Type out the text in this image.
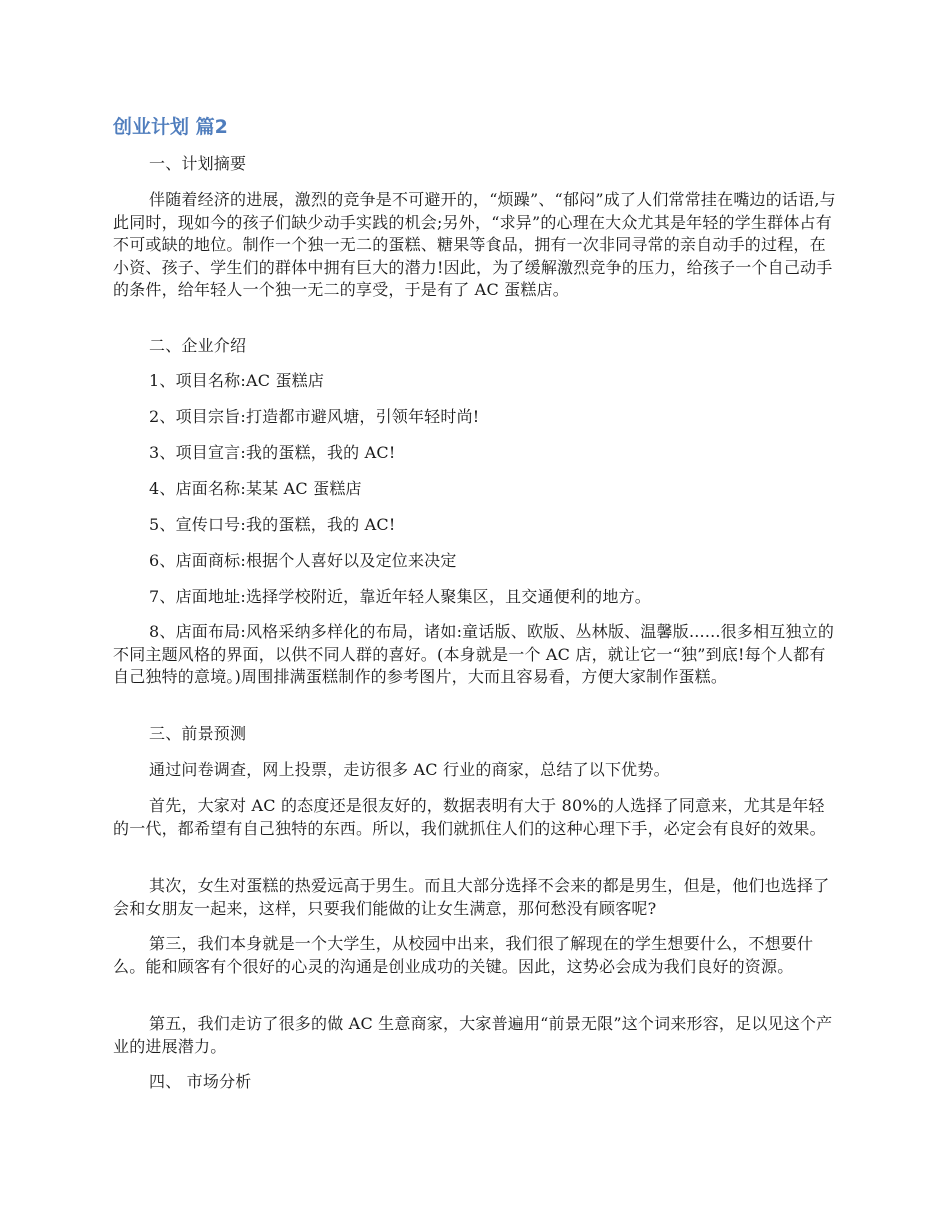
创业计划 篇2

一、计划摘要

伴随着经济的进展，激烈的竞争是不可避开的，“烦躁”、“郁闷”成了人们常常挂在嘴边的话语,与此同时，现如今的孩子们缺少动手实践的机会;另外，“求异”的心理在大众尤其是年轻的学生群体占有不可或缺的地位。制作一个独一无二的蛋糕、糖果等食品，拥有一次非同寻常的亲自动手的过程，在小资、孩子、学生们的群体中拥有巨大的潜力!因此，为了缓解激烈竞争的压力，给孩子一个自己动手的条件，给年轻人一个独一无二的享受，于是有了 AC 蛋糕店。

二、企业介绍

1、项目名称:AC 蛋糕店

2、项目宗旨:打造都市避风塘，引领年轻时尚!

3、项目宣言:我的蛋糕，我的 AC!

4、店面名称:某某 AC 蛋糕店

5、宣传口号:我的蛋糕，我的 AC!

6、店面商标:根据个人喜好以及定位来决定

7、店面地址:选择学校附近，靠近年轻人聚集区，且交通便利的地方。

8、店面布局:风格采纳多样化的布局，诸如:童话版、欧版、丛林版、温馨版......很多相互独立的不同主题风格的界面，以供不同人群的喜好。(本身就是一个 AC 店，就让它一“独”到底!每个人都有自己独特的意境。)周围排满蛋糕制作的参考图片，大而且容易看，方便大家制作蛋糕。

三、前景预测

通过问卷调查，网上投票，走访很多 AC 行业的商家，总结了以下优势。

首先，大家对 AC 的态度还是很友好的，数据表明有大于 80%的人选择了同意来，尤其是年轻的一代，都希望有自己独特的东西。所以，我们就抓住人们的这种心理下手，必定会有良好的效果。

其次，女生对蛋糕的热爱远高于男生。而且大部分选择不会来的都是男生，但是，他们也选择了会和女朋友一起来，这样，只要我们能做的让女生满意，那何愁没有顾客呢?

第三，我们本身就是一个大学生，从校园中出来，我们很了解现在的学生想要什么，不想要什么。能和顾客有个很好的心灵的沟通是创业成功的关键。因此，这势必会成为我们良好的资源。

第五，我们走访了很多的做 AC 生意商家，大家普遍用“前景无限”这个词来形容，足以见这个产业的进展潜力。

四、 市场分析
